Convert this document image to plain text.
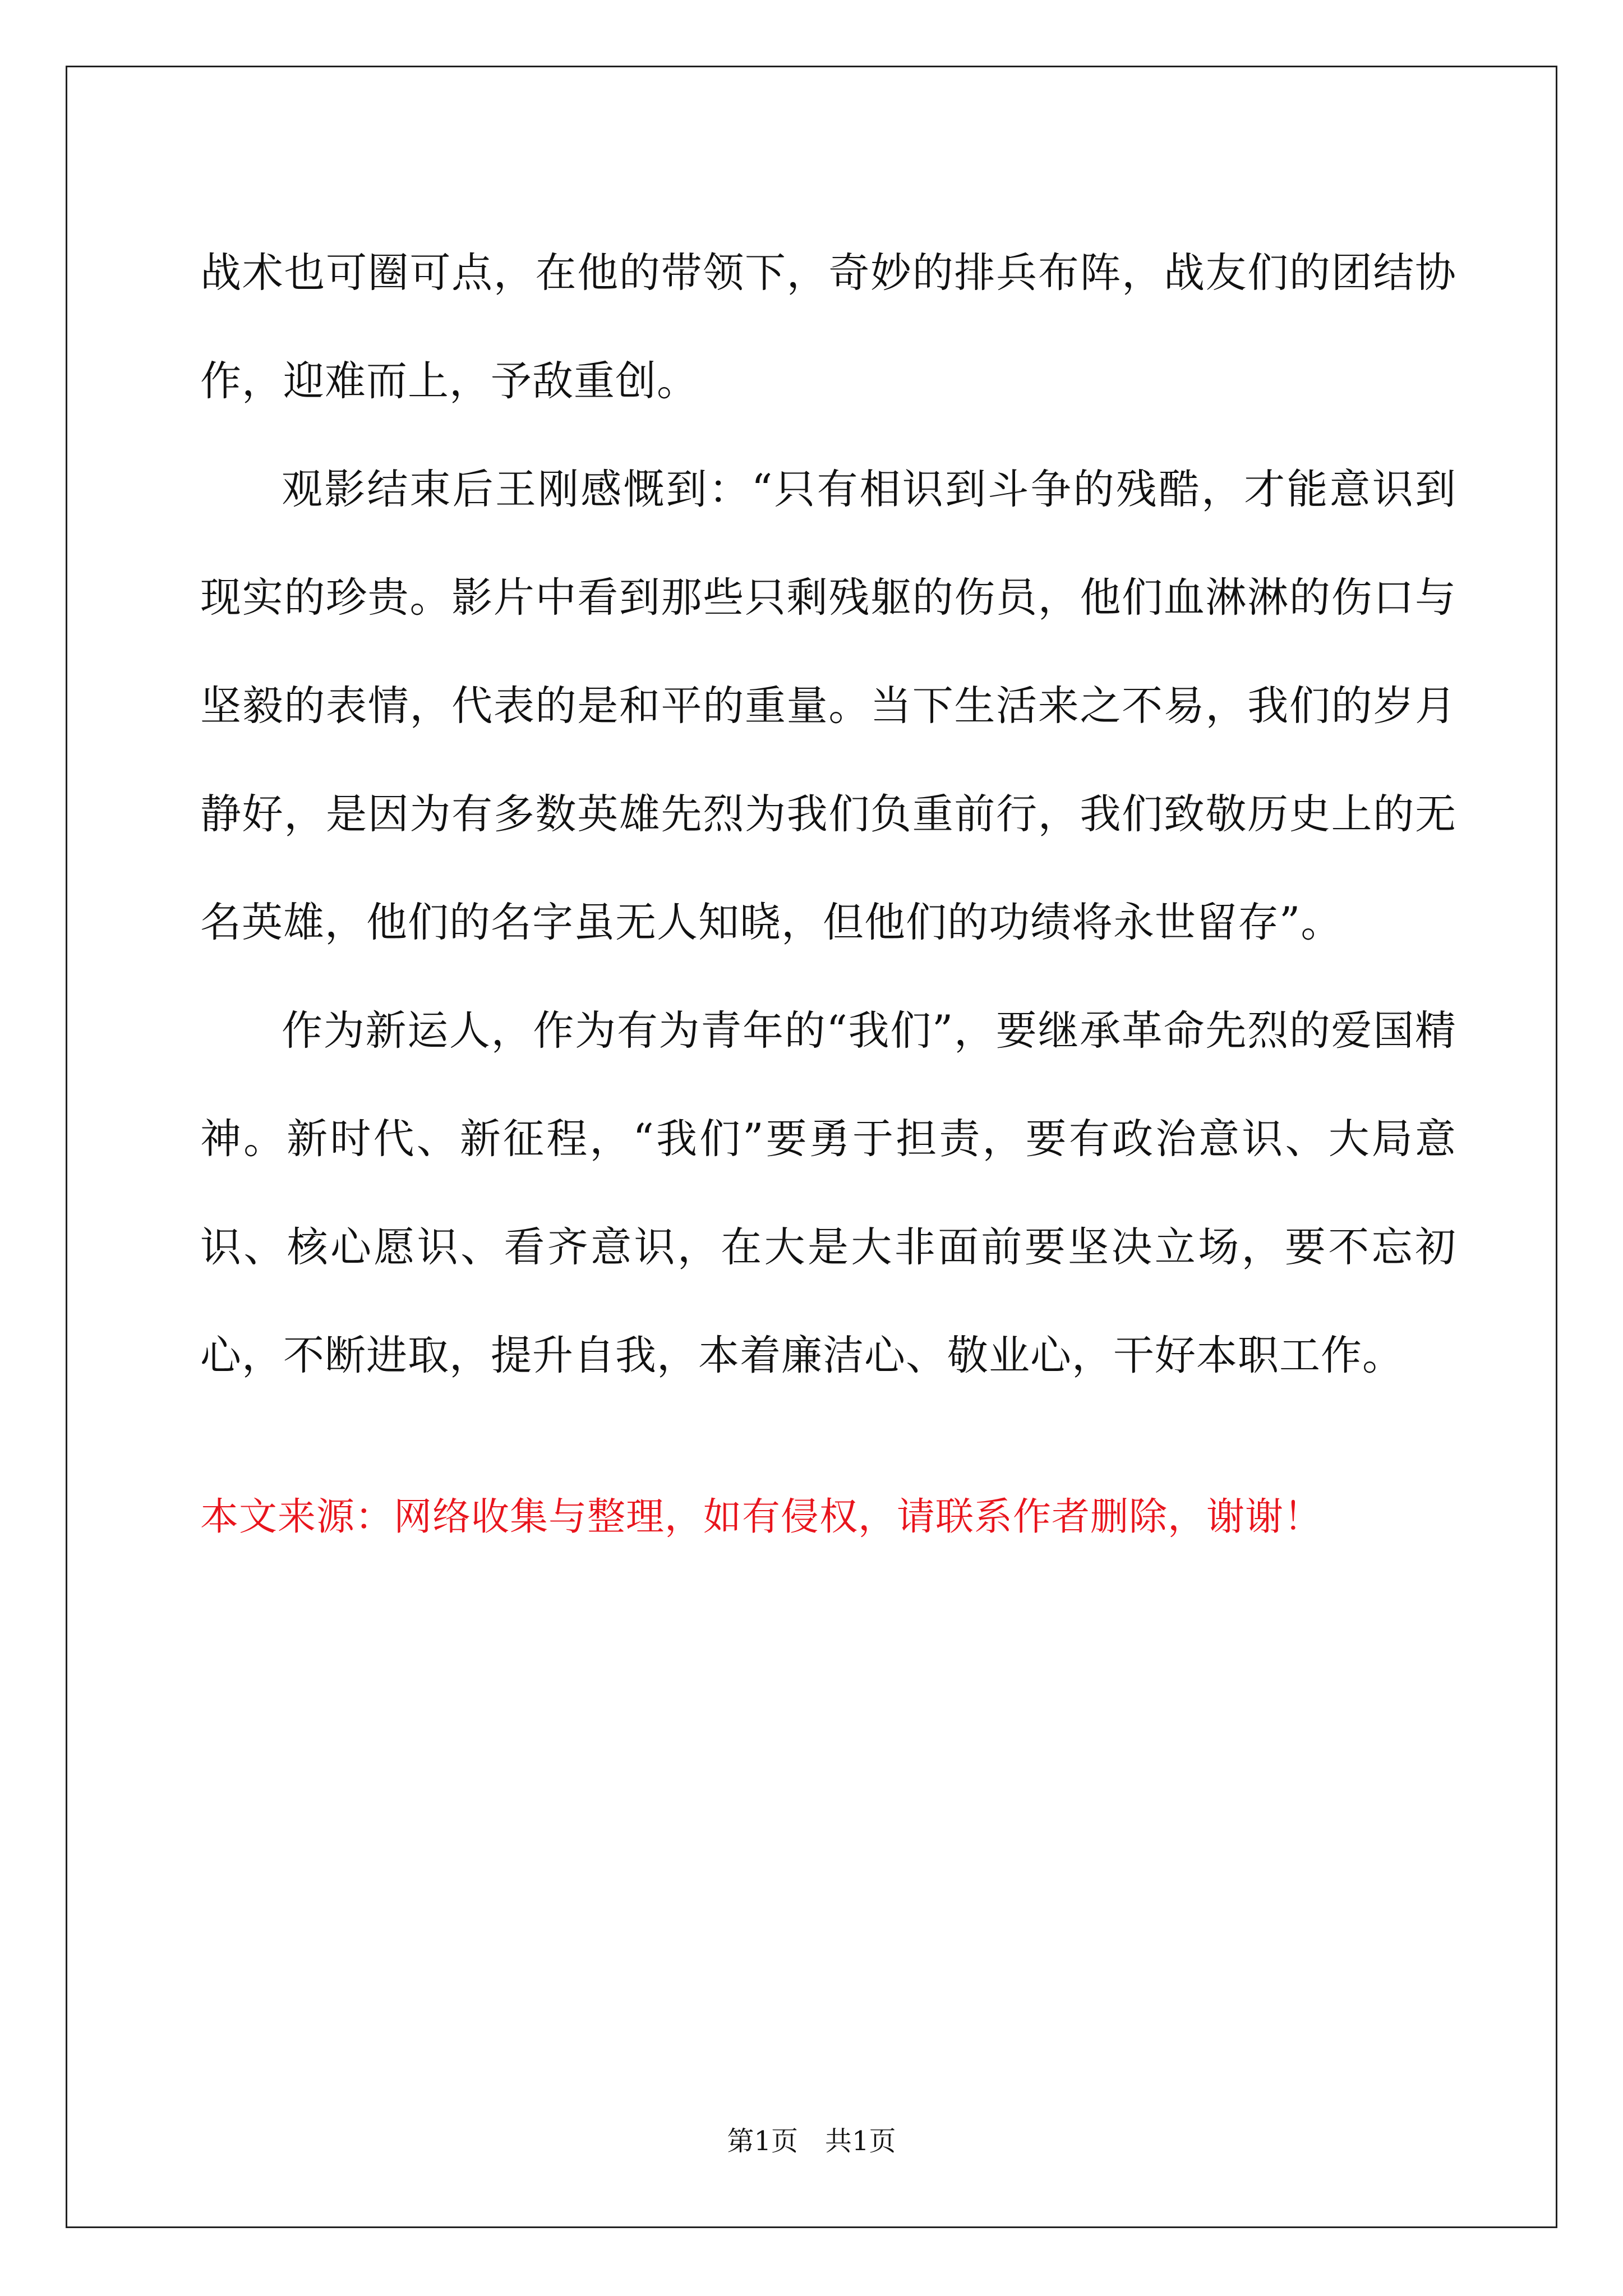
战术也可圈可点，在他的带领下，奇妙的排兵布阵，战友们的团结协作，迎难而上，予敌重创。

观影结束后王刚感慨到：“只有相识到斗争的残酷，才能意识到现实的珍贵。影片中看到那些只剩残躯的伤员，他们血淋淋的伤口与坚毅的表情，代表的是和平的重量。当下生活来之不易，我们的岁月静好，是因为有多数英雄先烈为我们负重前行，我们致敬历史上的无名英雄，他们的名字虽无人知晓，但他们的功绩将永世留存”。

作为新运人，作为有为青年的“我们”，要继承革命先烈的爱国精神。新时代、新征程，“我们”要勇于担责，要有政治意识、大局意识、核心愿识、看齐意识，在大是大非面前要坚决立场，要不忘初心，不断进取，提升自我，本着廉洁心、敬业心，干好本职工作。

本文来源：网络收集与整理，如有侵权，请联系作者删除，谢谢！
第1页　共1页
